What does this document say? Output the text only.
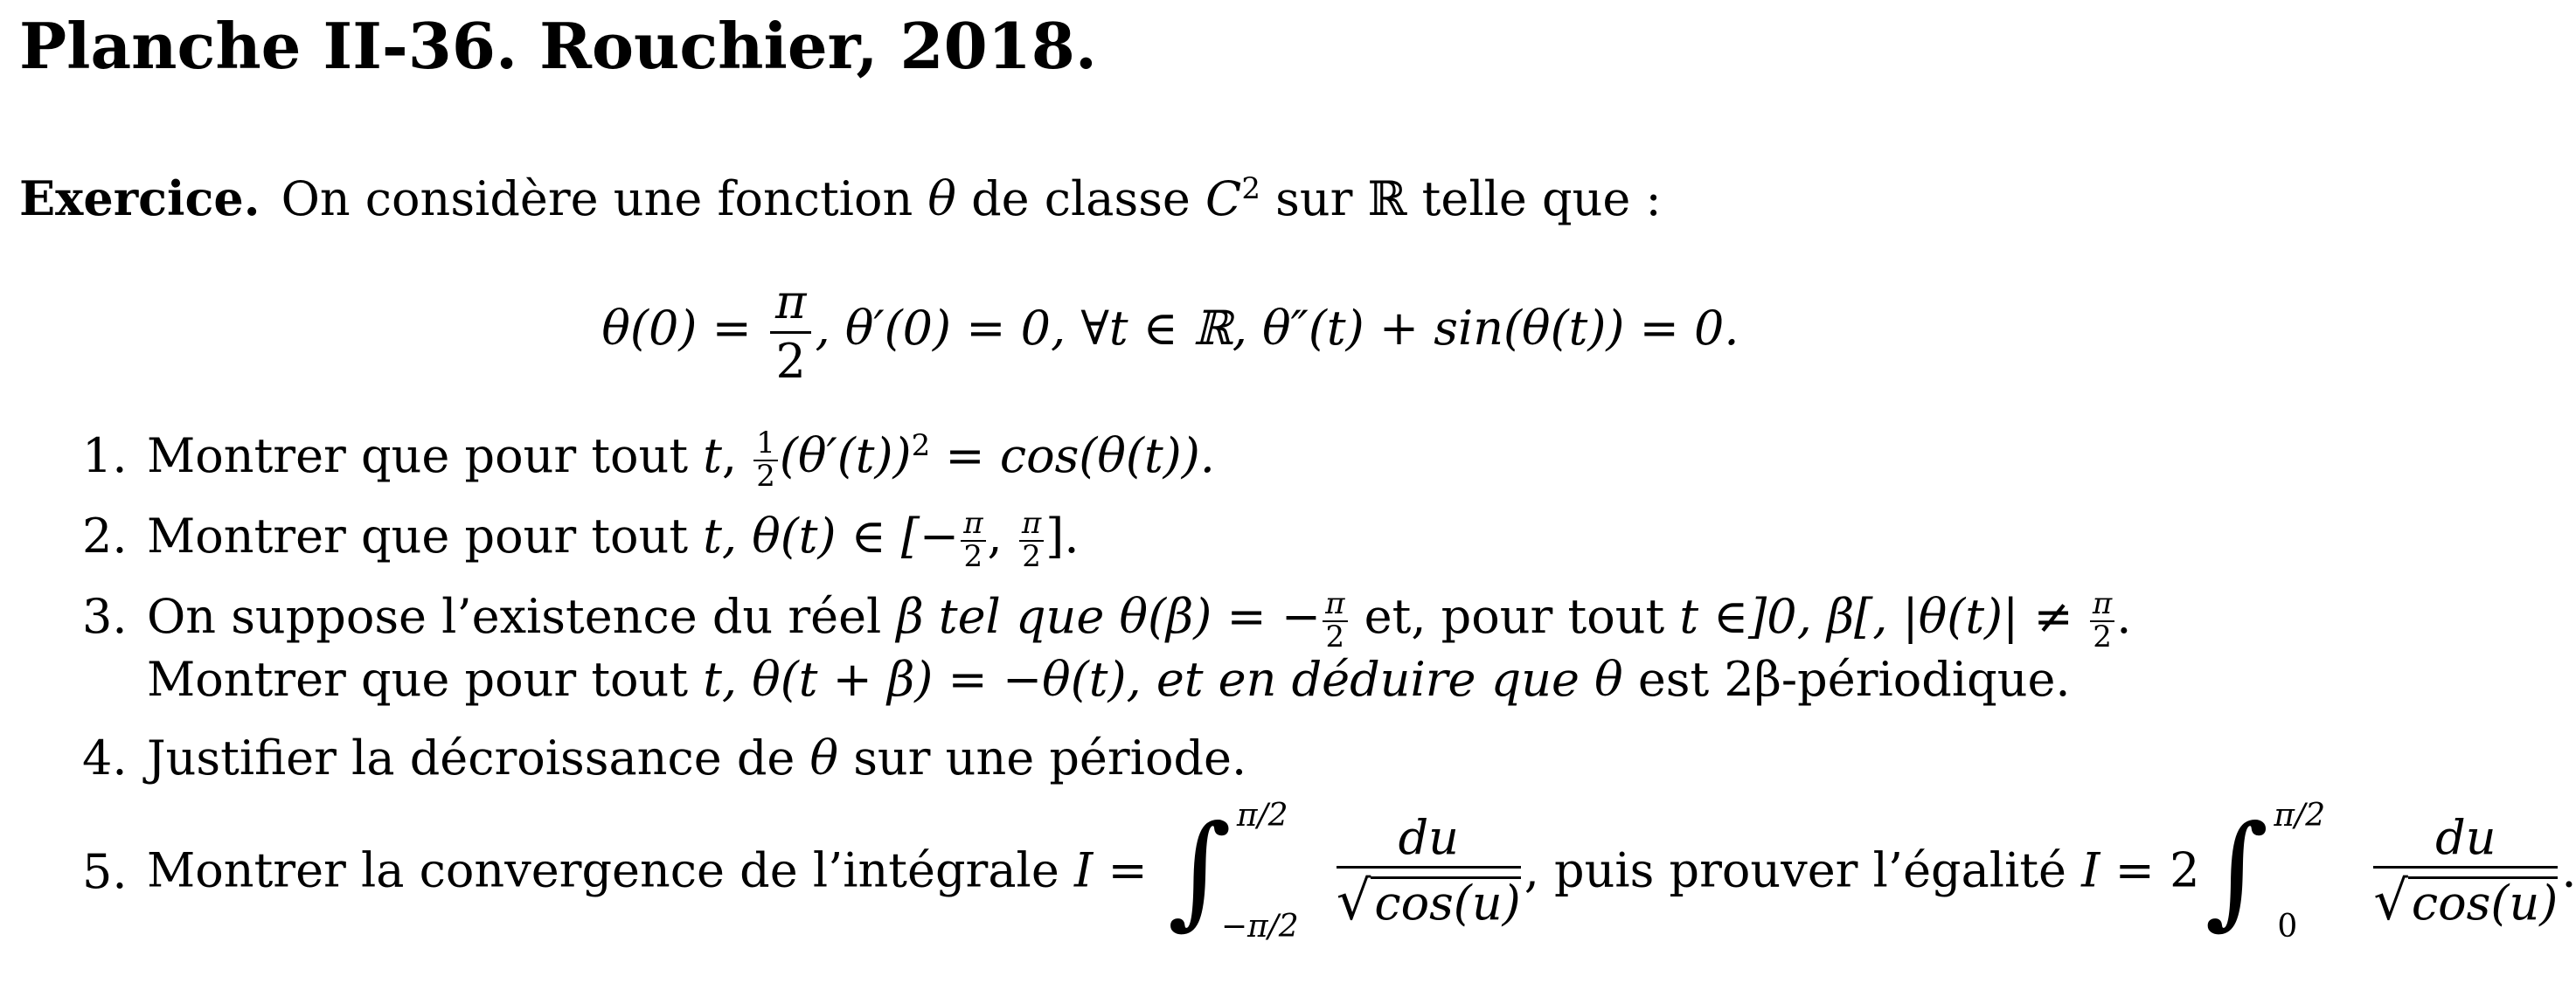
Planche II-36. Rouchier, 2018.
Exercice. On considère une fonction θ de classe $C^2$ sur ℝ telle que :
$\theta(0) = \frac{\pi}{2}$ , θ′(0) = 0, ∀t ∈ ℝ, θ″(t) + sin(θ(t)) = 0.
1. Montrer que pour tout t, $\frac{1}{2} (\theta'(t))^2 = \cos(\theta(t))$.
2. Montrer que pour tout t, θ(t) ∈ [− $\frac{\pi}{2}$ , $\frac{\pi}{2}$ ].
3. On suppose l’existence du réel β tel que θ(β) = − $\frac{\pi}{2}$ et, pour tout t ∈]0, β[, $|\theta(t)| \ne \frac{\pi}{2}$ .
Montrer que pour tout t, θ(t + β) = −θ(t), et en déduire que θ est 2β-périodique.
4. Justifier la décroissance de θ sur une période.
5. Montrer la convergence de l’intégrale I = ∫ π/2
$-\pi/2 \frac{du}{√\cos(u)}$ , puis prouver l’égalité I = 2∫ π/2
$0 \frac{du}{√\cos(u)}$ .
